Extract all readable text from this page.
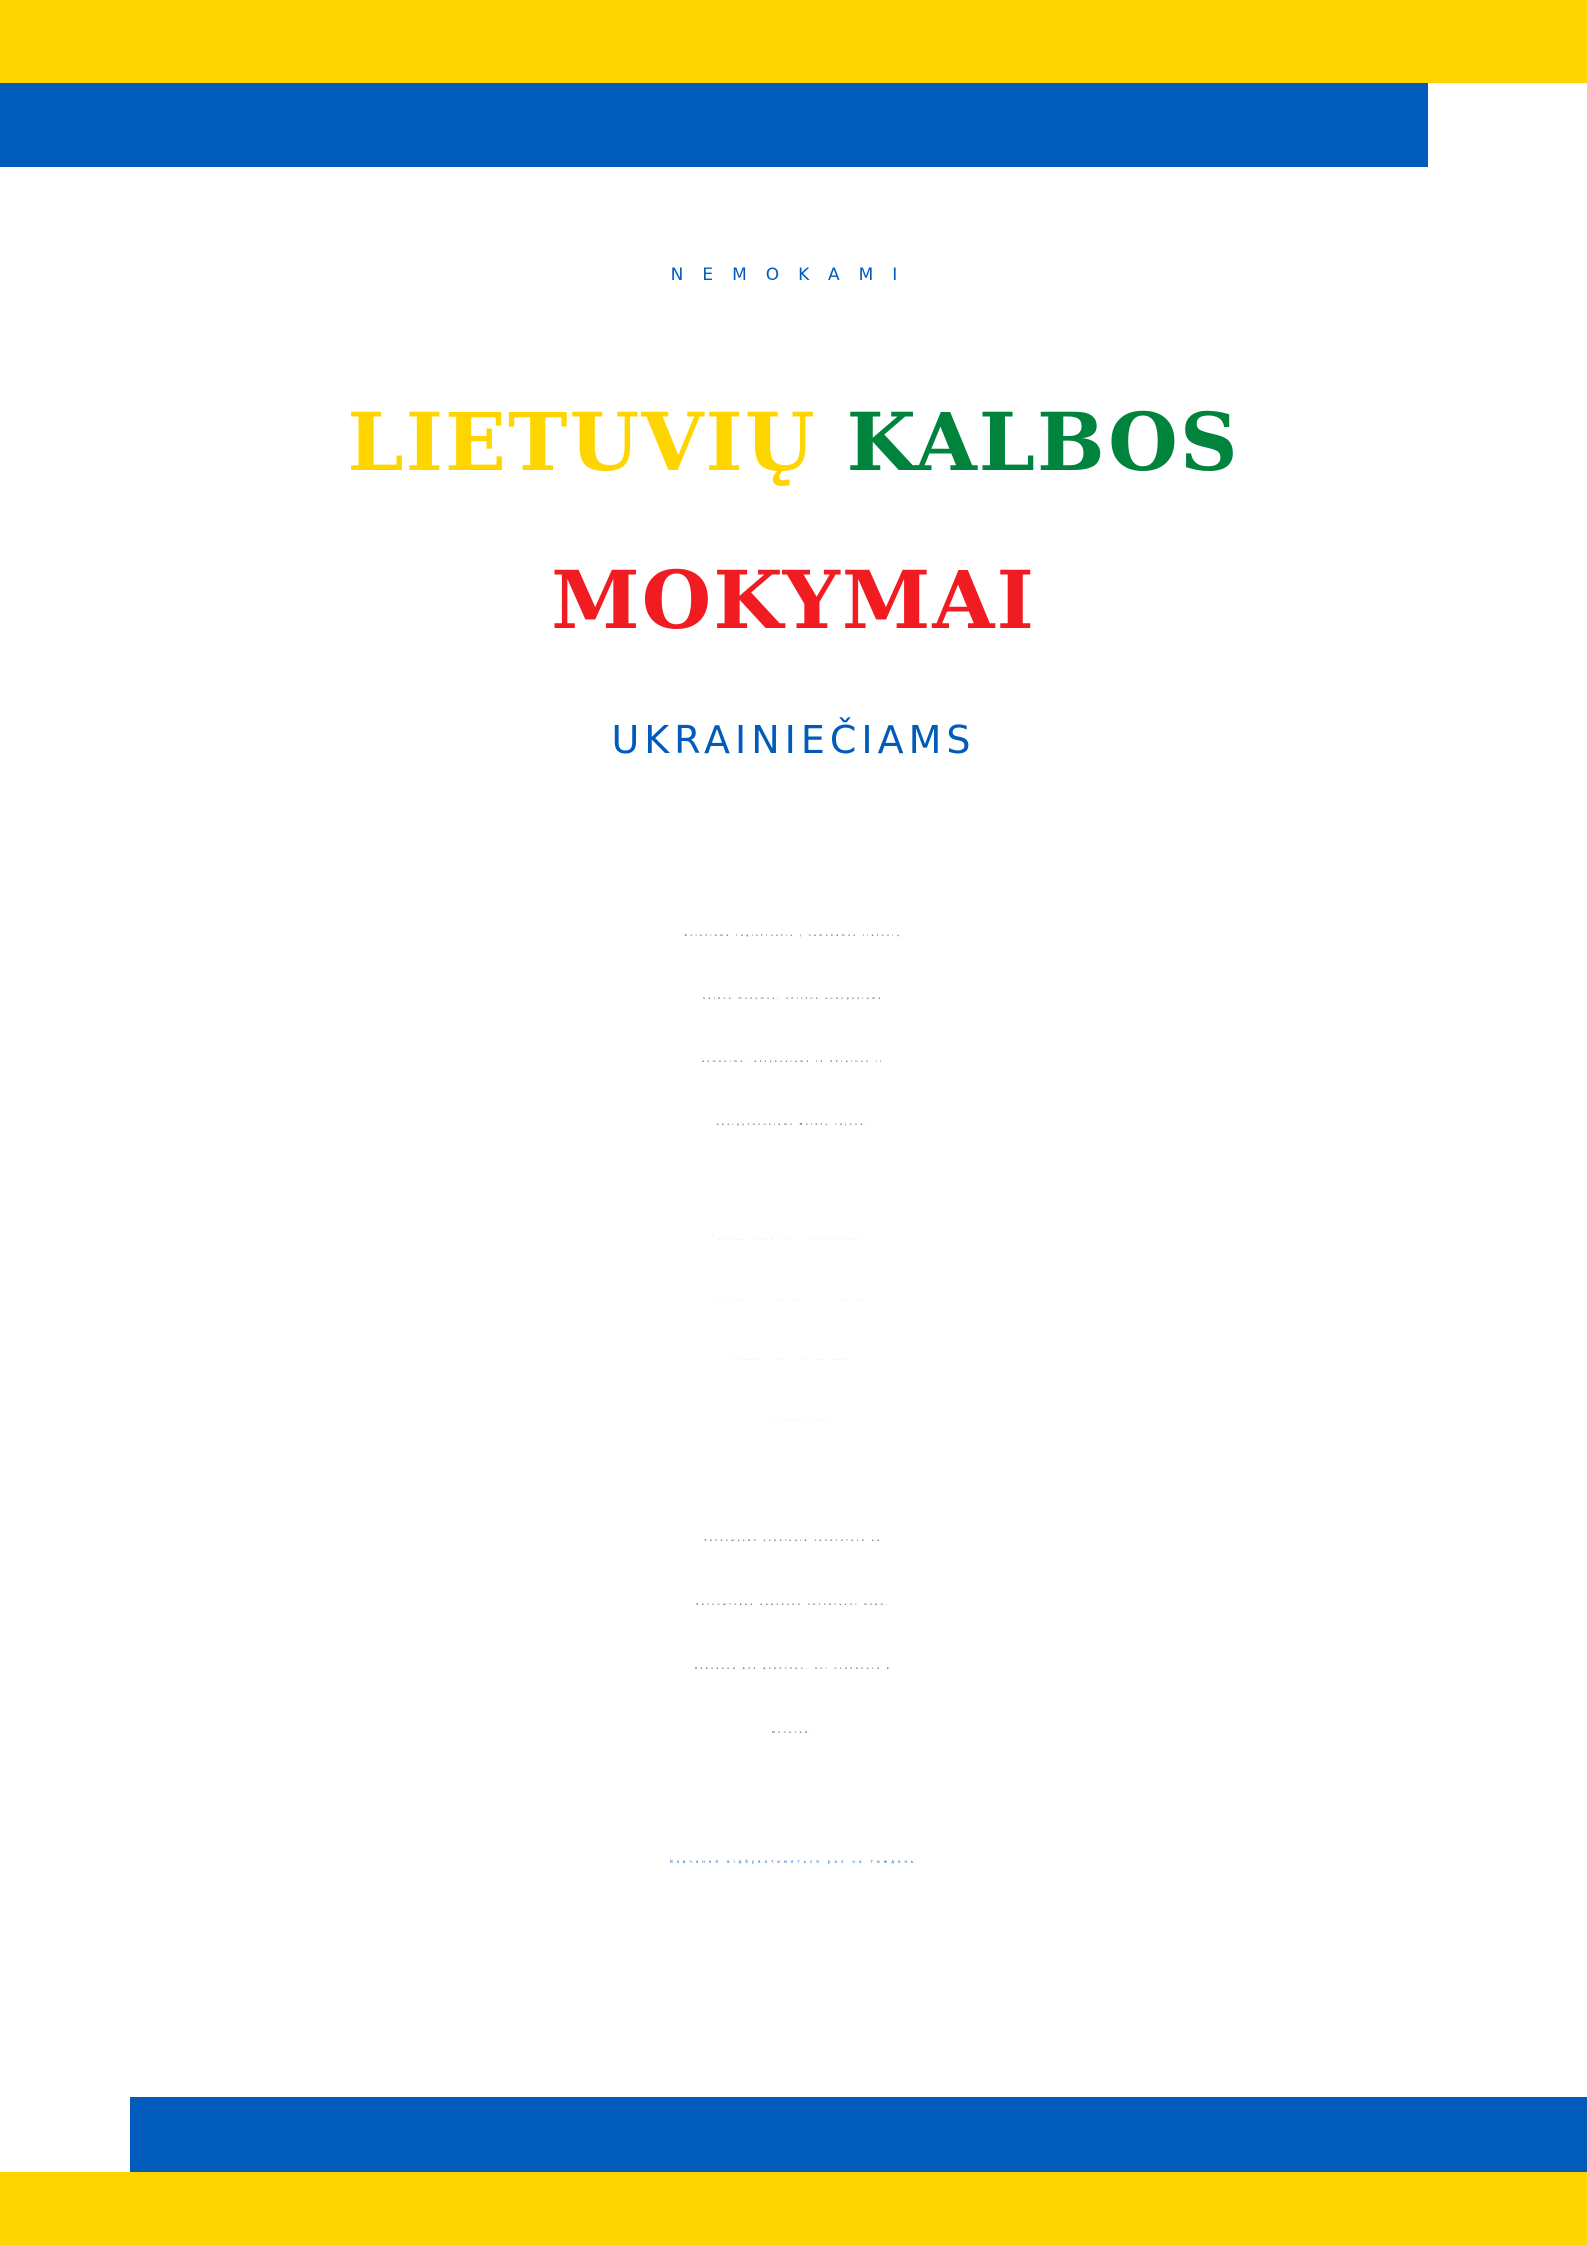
NEMOKAMI
LIETUVIŲ KALBOS
MOKYMAI
UKRAINIEČIAMS
Kviečiame registruotis į nemokamus lietuvių
kalbos mokymus, skirtus suaugusiems
asmenims, atvykusiems iš Ukrainos ir
apsigyvenusiems Molėtų rajone.
Mokymai vyks Molėtų r. savivaldybėje,
Vilniaus g. 44, Molėtai III a. 305 kab.,
informacija tel. +370 611 39117,
el. p. info@spt.moletai.lt
Запрошуємо українців записатися на
безкоштовне навчання литовської мови.
Навчання для дорослих, які оселилися в
Молетай.
Навчання відбуватиметься раз на тиждень
